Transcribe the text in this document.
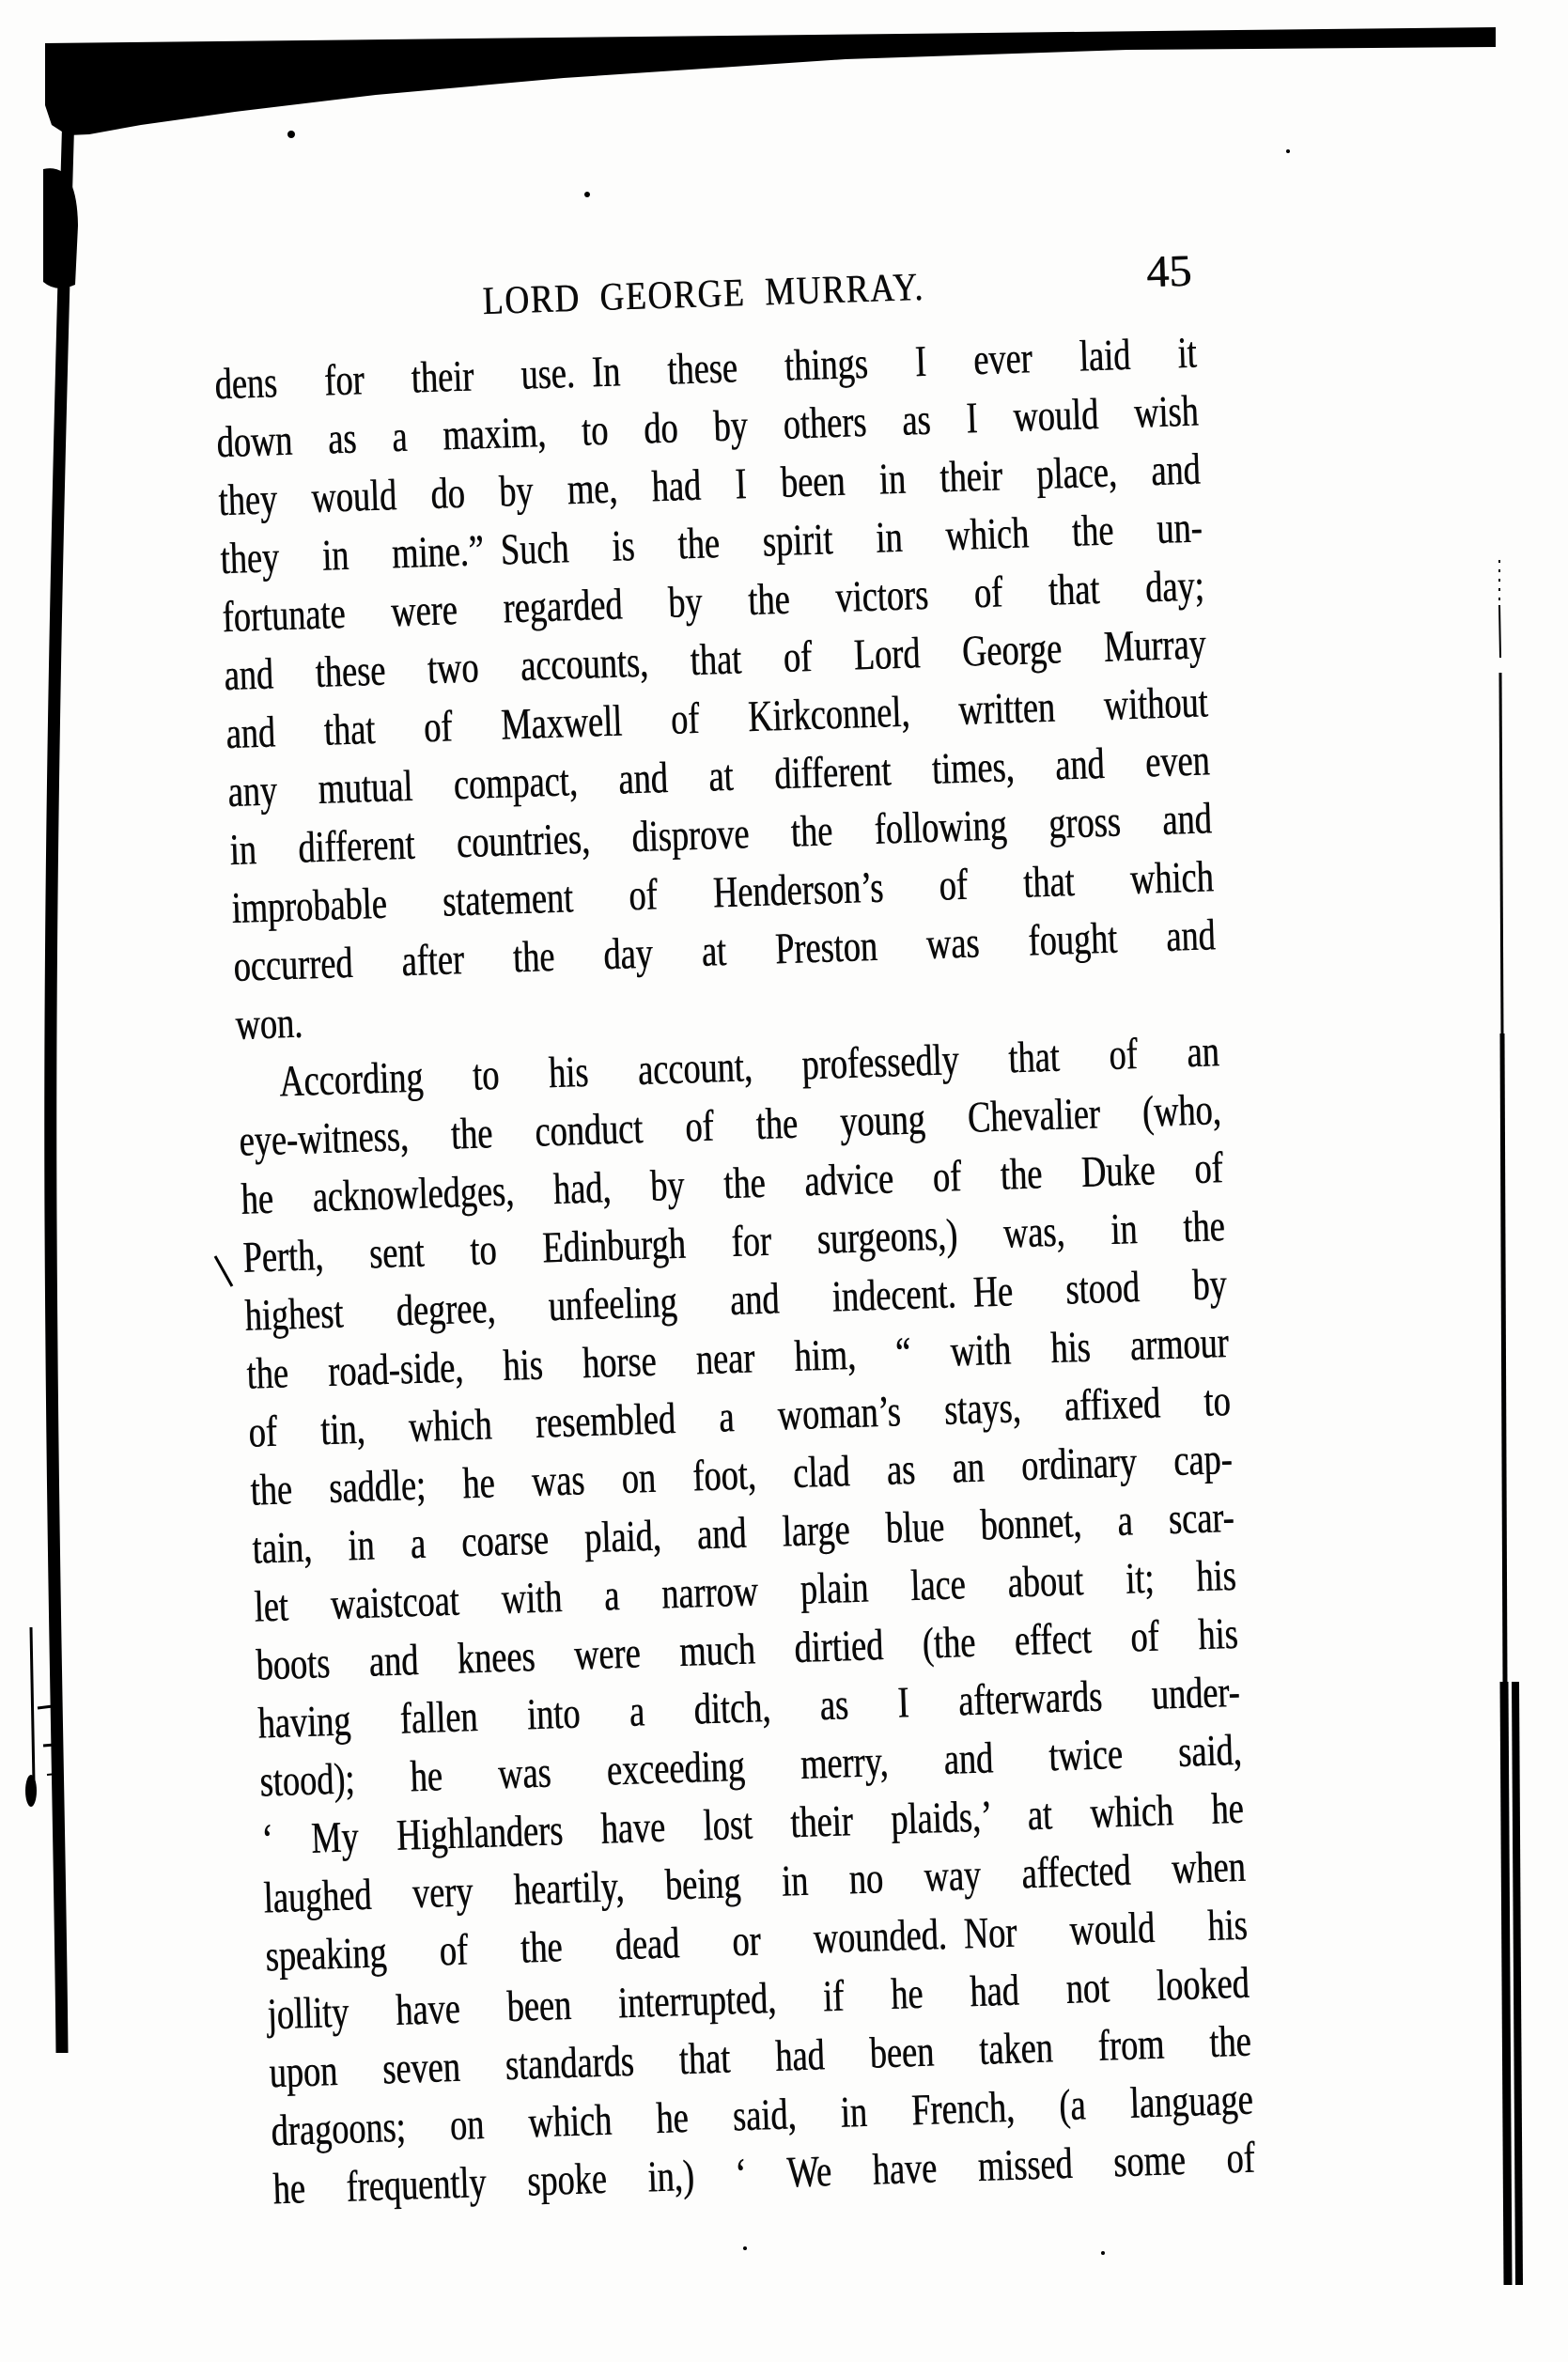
LORD GEORGE MURRAY.	45
dens for their use. In these things I ever laid it
down as a maxim, to do by others as I would wish
they would do by me, had I been in their place, and
they in mine.” Such is the spirit in which the un-
fortunate were regarded by the victors of that day;
and these two accounts, that of Lord George Murray
and that of Maxwell of Kirkconnel, written without
any mutual compact, and at different times, and even
in different countries, disprove the following gross and
improbable statement of Henderson’s of that which
occurred after the day at Preston was fought and
won.
According to his account, professedly that of an
eye-witness, the conduct of the young Chevalier (who,
he acknowledges, had, by the advice of the Duke of
Perth, sent to Edinburgh for surgeons,) was, in the
highest degree, unfeeling and indecent. He stood by
the road-side, his horse near him, “ with his armour
of tin, which resembled a woman’s stays, affixed to
the saddle; he was on foot, clad as an ordinary cap-
tain, in a coarse plaid, and large blue bonnet, a scar-
let waistcoat with a narrow plain lace about it; his
boots and knees were much dirtied (the effect of his
having fallen into a ditch, as I afterwards under-
stood); he was exceeding merry, and twice said,
‘ My Highlanders have lost their plaids,’ at which he
laughed very heartily, being in no way affected when
speaking of the dead or wounded. Nor would his
jollity have been interrupted, if he had not looked
upon seven standards that had been taken from the
dragoons; on which he said, in French, (a language
he frequently spoke in,) ‘ We have missed some of
